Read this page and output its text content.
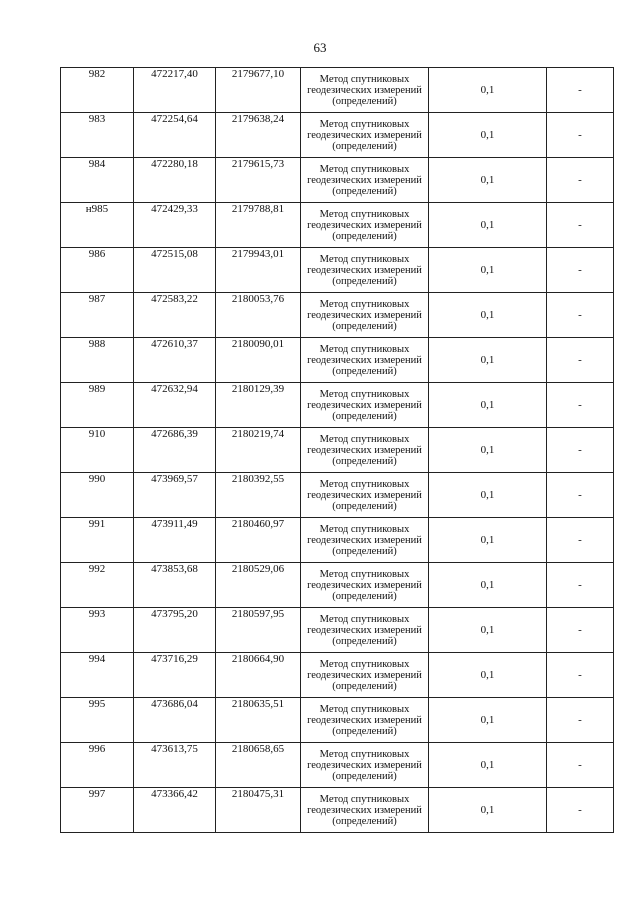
63
982	472217,40	2179677,10	Метод спутниковых
геодезических измерений
(определений)	0,1	-
983	472254,64	2179638,24	Метод спутниковых
геодезических измерений
(определений)	0,1	-
984	472280,18	2179615,73	Метод спутниковых
геодезических измерений
(определений)	0,1	-
н985	472429,33	2179788,81	Метод спутниковых
геодезических измерений
(определений)	0,1	-
986	472515,08	2179943,01	Метод спутниковых
геодезических измерений
(определений)	0,1	-
987	472583,22	2180053,76	Метод спутниковых
геодезических измерений
(определений)	0,1	-
988	472610,37	2180090,01	Метод спутниковых
геодезических измерений
(определений)	0,1	-
989	472632,94	2180129,39	Метод спутниковых
геодезических измерений
(определений)	0,1	-
910	472686,39	2180219,74	Метод спутниковых
геодезических измерений
(определений)	0,1	-
990	473969,57	2180392,55	Метод спутниковых
геодезических измерений
(определений)	0,1	-
991	473911,49	2180460,97	Метод спутниковых
геодезических измерений
(определений)	0,1	-
992	473853,68	2180529,06	Метод спутниковых
геодезических измерений
(определений)	0,1	-
993	473795,20	2180597,95	Метод спутниковых
геодезических измерений
(определений)	0,1	-
994	473716,29	2180664,90	Метод спутниковых
геодезических измерений
(определений)	0,1	-
995	473686,04	2180635,51	Метод спутниковых
геодезических измерений
(определений)	0,1	-
996	473613,75	2180658,65	Метод спутниковых
геодезических измерений
(определений)	0,1	-
997	473366,42	2180475,31	Метод спутниковых
геодезических измерений
(определений)	0,1	-
